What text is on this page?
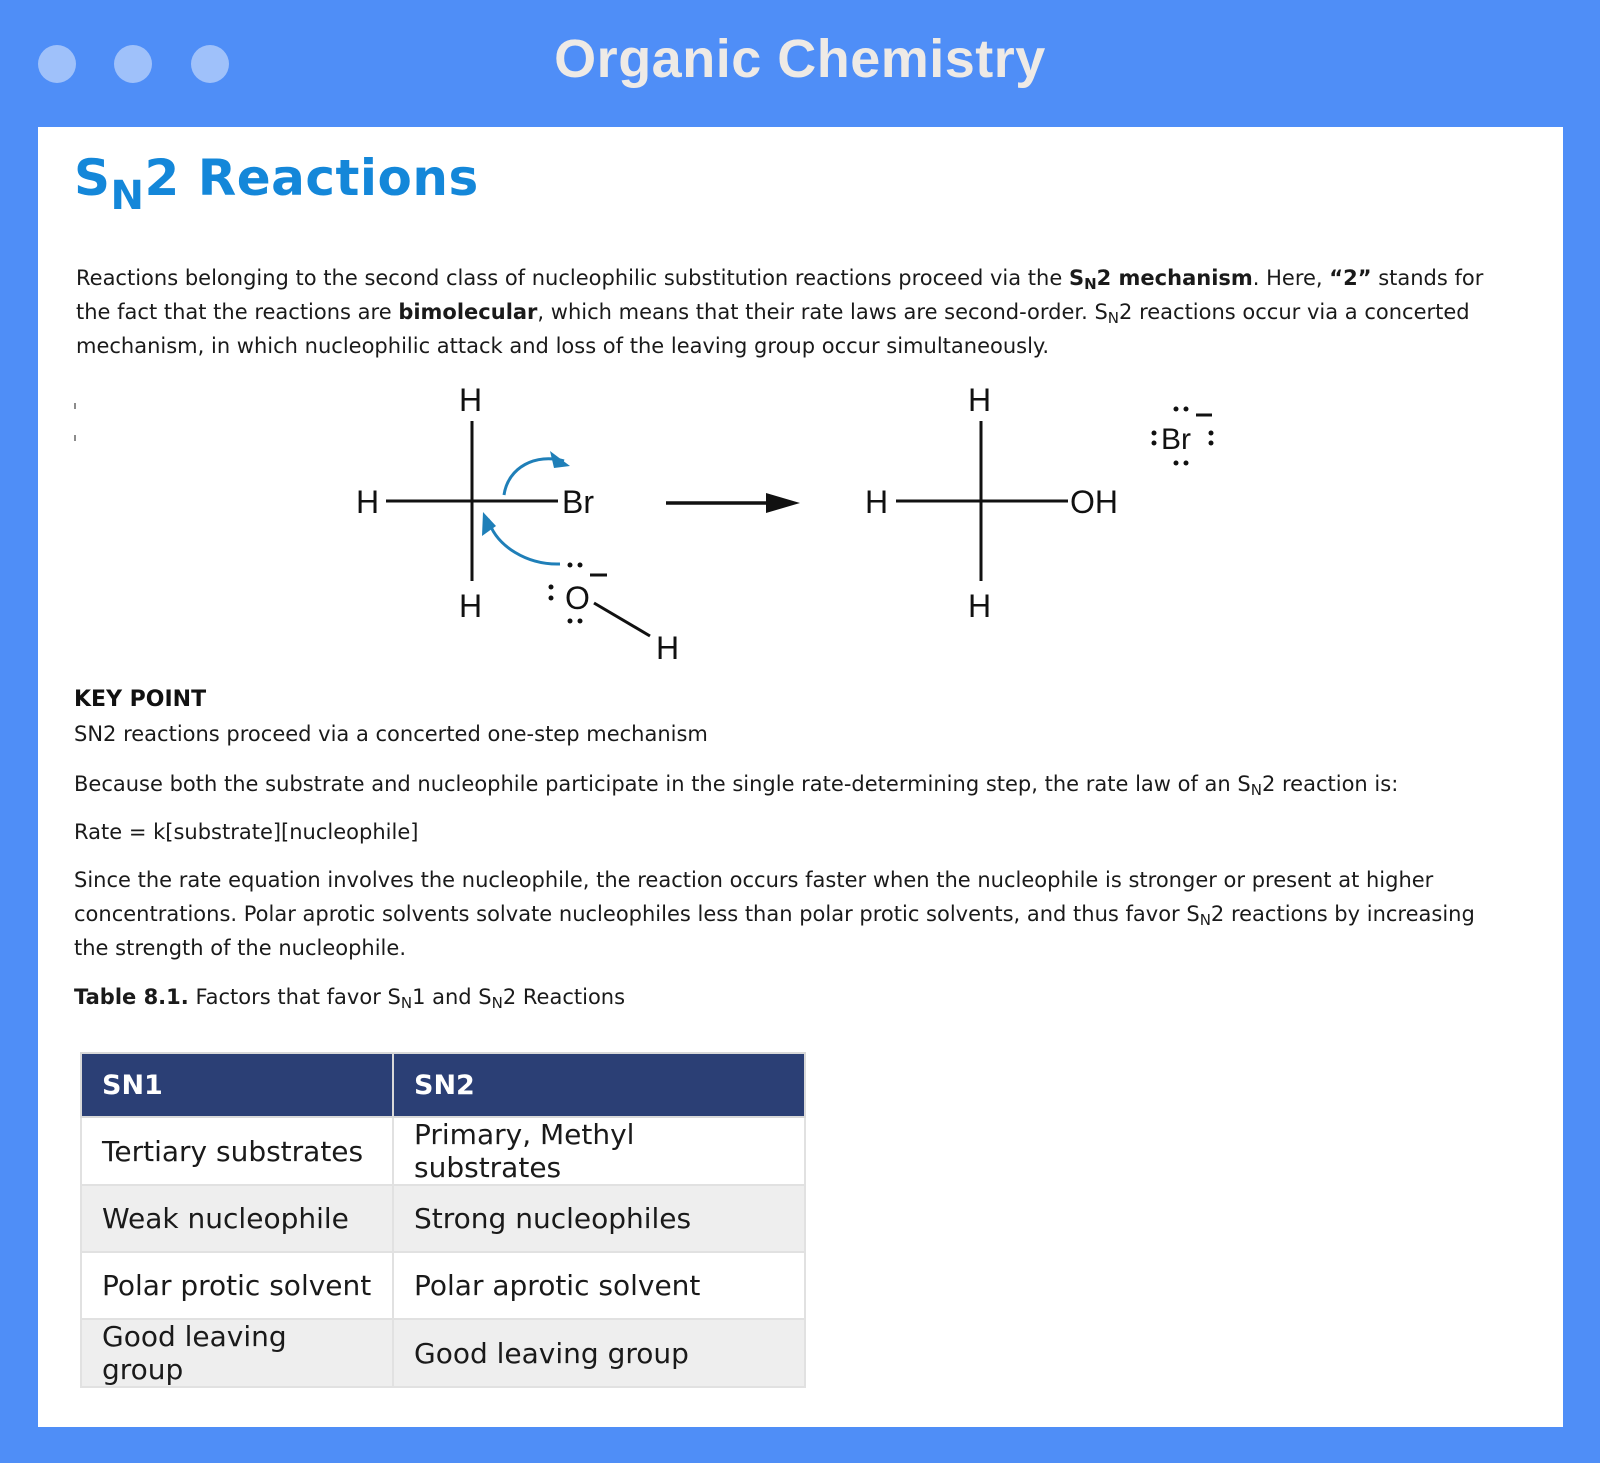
Organic Chemistry
$S_N2$ Reactions
Reactions belonging to the second class of nucleophilic substitution reactions proceed via the $S_N2$ mechanism. Here, “2” stands for the fact that the reactions are bimolecular, which means that their rate laws are second-order. $S_N2$ reactions occur via a concerted mechanism, in which nucleophilic attack and loss of the leaving group occur simultaneously.
H
H
H
Br
O
H
H
H
H
OH
Br
KEY POINT
SN2 reactions proceed via a concerted one-step mechanism
Because both the substrate and nucleophile participate in the single rate-determining step, the rate law of an $S_N2$ reaction is:
Rate = k[substrate][nucleophile]
Since the rate equation involves the nucleophile, the reaction occurs faster when the nucleophile is stronger or present at higher concentrations. Polar aprotic solvents solvate nucleophiles less than polar protic solvents, and thus favor $S_N2$ reactions by increasing the strength of the nucleophile.
Table 8.1. Factors that favor $S_N1$ and $S_N2$ Reactions
SN1	SN2
Tertiary substrates	Primary, Methyl substrates
Weak nucleophile	Strong nucleophiles
Polar protic solvent	Polar aprotic solvent
Good leaving group	Good leaving group
